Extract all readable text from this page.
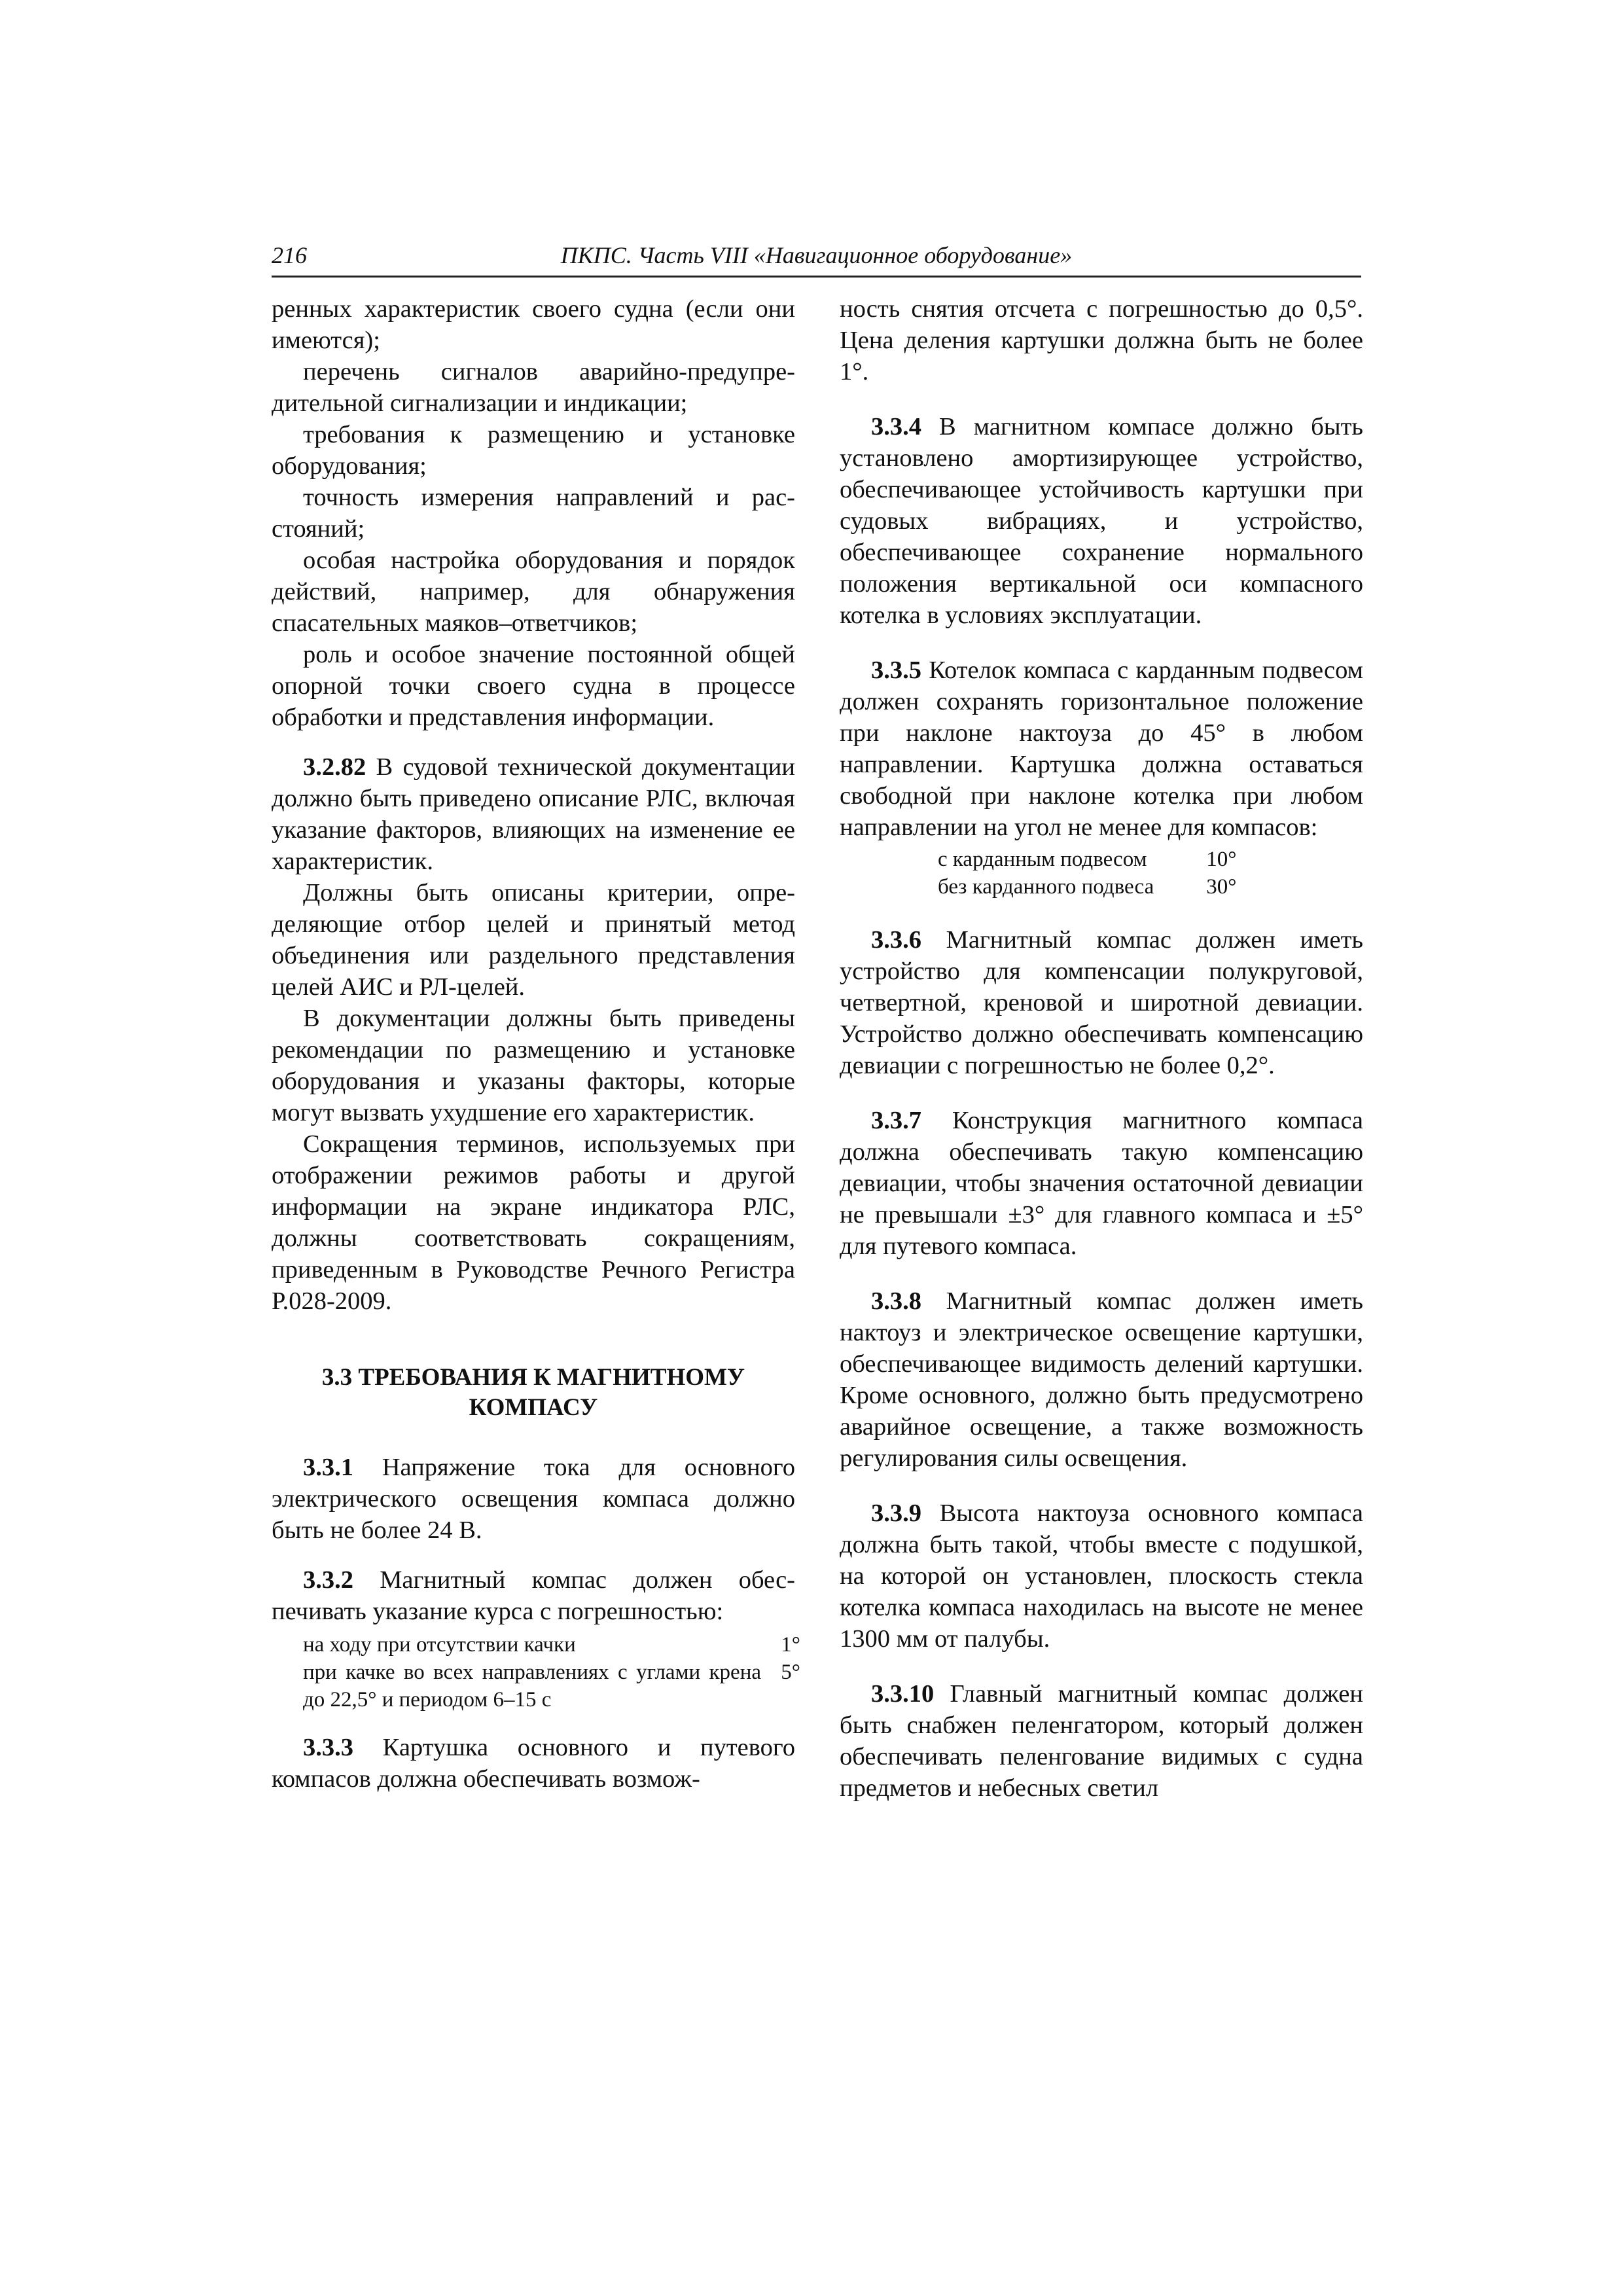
216	ПКПС. Часть VIII «Навигационное оборудование»

ренных характеристик своего судна (если они имеются);

перечень сигналов аварийно-предупредительной сигнализации и индикации;

требования к размещению и установке оборудования;

точность измерения направлений и расстояний;

особая настройка оборудования и порядок действий, например, для обнаружения спасательных маяков–ответчиков;

роль и особое значение постоянной общей опорной точки своего судна в процессе обработки и представления информации.

3.2.82 В судовой технической документации должно быть приведено описание РЛС, включая указание факторов, влияющих на изменение ее характеристик.

Должны быть описаны критерии, определяющие отбор целей и принятый метод объединения или раздельного представления целей АИС и РЛ-целей.

В документации должны быть приведены рекомендации по размещению и установке оборудования и указаны факторы, которые могут вызвать ухудшение его характеристик.

Сокращения терминов, используемых при отображении режимов работы и другой информации на экране индикатора РЛС, должны соответствовать сокращениям, приведенным в Руководстве Речного Регистра Р.028-2009.

3.3 ТРЕБОВАНИЯ К МАГНИТНОМУ
КОМПАСУ

3.3.1 Напряжение тока для основного электрического освещения компаса должно быть не более 24 В.

3.3.2 Магнитный компас должен обеспечивать указание курса с погрешностью:

на ходу при отсутствии качки	1°
при качке во всех направлениях с углами крена до 22,5° и периодом 6–15 с	5°

3.3.3 Картушка основного и путевого компасов должна обеспечивать возмож-

ность снятия отсчета с погрешностью до 0,5°. Цена деления картушки должна быть не более 1°.

3.3.4 В магнитном компасе должно быть установлено амортизирующее устройство, обеспечивающее устойчивость картушки при судовых вибрациях, и устройство, обеспечивающее сохранение нормального положения вертикальной оси компасного котелка в условиях эксплуатации.

3.3.5 Котелок компаса с карданным подвесом должен сохранять горизонтальное положение при наклоне нактоуза до 45° в любом направлении. Картушка должна оставаться свободной при наклоне котелка при любом направлении на угол не менее для компасов:

с карданным подвесом	10°
без карданного подвеса	30°

3.3.6 Магнитный компас должен иметь устройство для компенсации полукруговой, четвертной, креновой и широтной девиации. Устройство должно обеспечивать компенсацию девиации с погрешностью не более 0,2°.

3.3.7 Конструкция магнитного компаса должна обеспечивать такую компенсацию девиации, чтобы значения остаточной девиации не превышали ±3° для главного компаса и ±5° для путевого компаса.

3.3.8 Магнитный компас должен иметь нактоуз и электрическое освещение картушки, обеспечивающее видимость делений картушки. Кроме основного, должно быть предусмотрено аварийное освещение, а также возможность регулирования силы освещения.

3.3.9 Высота нактоуза основного компаса должна быть такой, чтобы вместе с подушкой, на которой он установлен, плоскость стекла котелка компаса находилась на высоте не менее 1300 мм от палубы.

3.3.10 Главный магнитный компас должен быть снабжен пеленгатором, который должен обеспечивать пеленгование видимых с судна предметов и небесных светил
